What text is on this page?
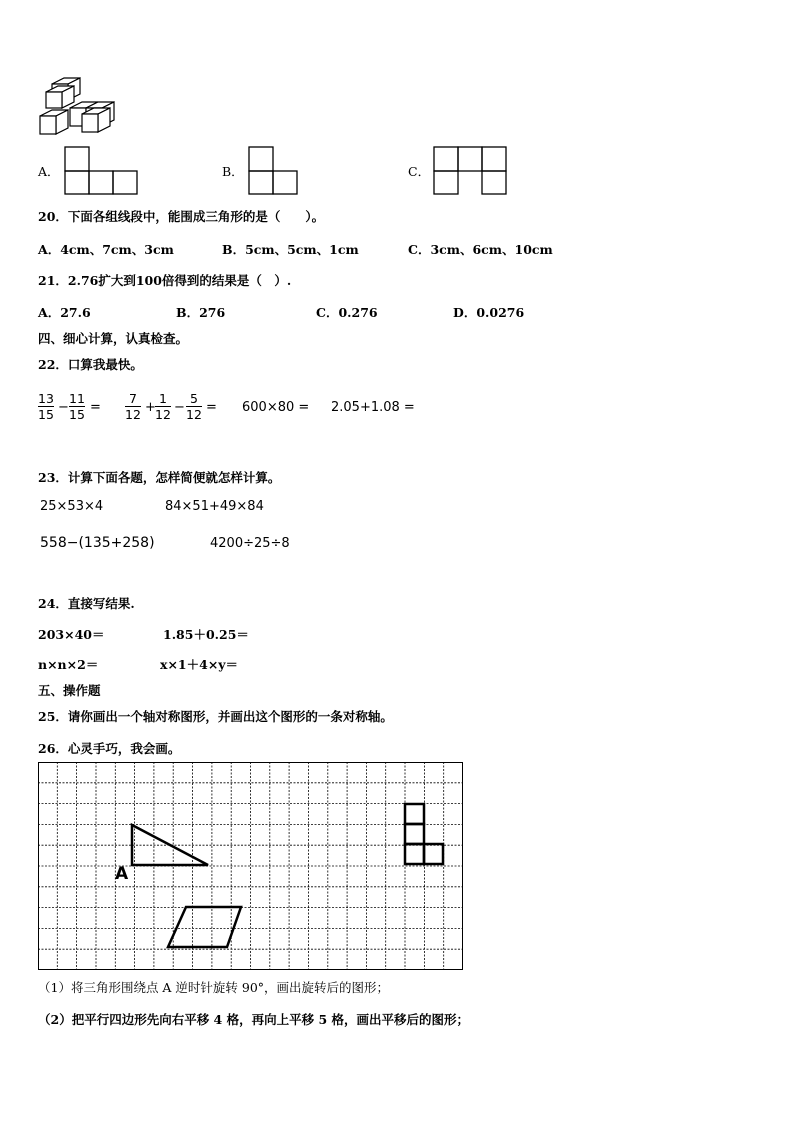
A．	B．	C．
20．下面各组线段中，能围成三角形的是（　　）。
A．4cm、7cm、3cm	B．5cm、5cm、1cm	C．3cm、6cm、10cm
21．2.76扩大到100倍得到的结果是（　）.
A．27.6	B．276	C．0.276	D．0.0276
四、细心计算，认真检查。
22．口算我最快。
13
15 −
11
15 =
7
12 +
1
12 −
5
12 = 600×80 = 2.05+1.08 =
23．计算下面各题，怎样简便就怎样计算。
25×53×4	84×51+49×84
558−(135+258)	4200÷25÷8
24．直接写结果.
203×40＝	1.85＋0.25＝
n×n×2＝	x×1＋4×y＝
五、操作题
25．请你画出一个轴对称图形，并画出这个图形的一条对称轴。
26．心灵手巧，我会画。
A
（1）将三角形围绕点 A 逆时针旋转 90°，画出旋转后的图形；
（2）把平行四边形先向右平移 4 格，再向上平移 5 格，画出平移后的图形；
